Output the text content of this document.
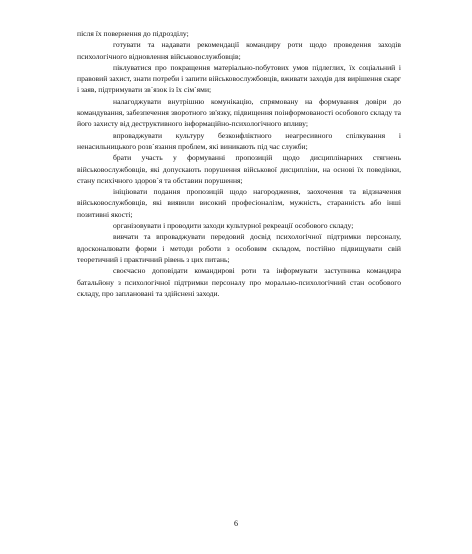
після їх повернення до підрозділу;

готувати та надавати рекомендації командиру роти щодо проведення заходів психологічного відновлення військовослужбовців;

піклуватися про покращення матеріально-побутових умов підлеглих, їх соціальний і правовий захист, знати потреби і запити військовослужбовців, вживати заходів для вирішення скарг і заяв, підтримувати зв`язок із їх сім`ями;

налагоджувати внутрішню комунікацію, спрямовану на формування довіри до командування, забезпечення зворотного зв'язку, підвищення поінформованості особового складу та його захисту від деструктивного інформаційно-психологічного впливу;

впроваджувати культуру безконфліктного неагресивного спілкування і ненасильницького розв`язання проблем, які виникають під час служби;

брати участь у формуванні пропозицій щодо дисциплінарних стягнень військовослужбовців, які допускають порушення військової дисципліни, на основі їх поведінки, стану психічного здоров`я та обставин порушення;

ініціювати подання пропозицій щодо нагородження, заохочення та відзначення військовослужбовців, які виявили високий професіоналізм, мужність, старанність або інші позитивні якості;

організовувати і проводити заходи культурної рекреації особового складу;

вивчати та впроваджувати передовий досвід психологічної підтримки персоналу, вдосконалювати форми і методи роботи з особовим складом, постійно підвищувати свій теоретичний і практичний рівень з цих питань;

своєчасно доповідати командирові роти та інформувати заступника командира батальйону з психологічної підтримки персоналу про морально-психологічний стан особового складу, про заплановані та здійснені заходи.

6
